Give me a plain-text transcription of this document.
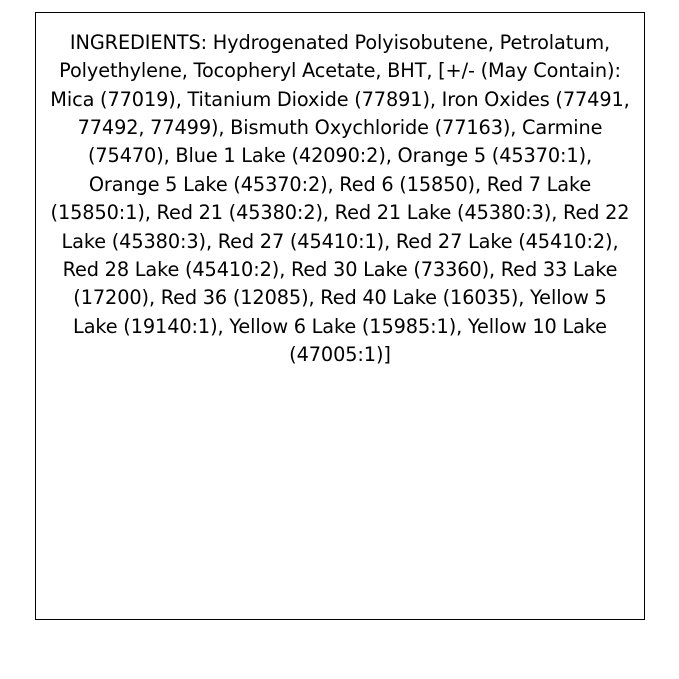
INGREDIENTS: Hydrogenated Polyisobutene, Petrolatum, Polyethylene, Tocopheryl Acetate, BHT, [+/- (May Contain): Mica (77019), Titanium Dioxide (77891), Iron Oxides (77491, 77492, 77499), Bismuth Oxychloride (77163), Carmine (75470), Blue 1 Lake (42090:2), Orange 5 (45370:1), Orange 5 Lake (45370:2), Red 6 (15850), Red 7 Lake (15850:1), Red 21 (45380:2), Red 21 Lake (45380:3), Red 22 Lake (45380:3), Red 27 (45410:1), Red 27 Lake (45410:2), Red 28 Lake (45410:2), Red 30 Lake (73360), Red 33 Lake (17200), Red 36 (12085), Red 40 Lake (16035), Yellow 5 Lake (19140:1), Yellow 6 Lake (15985:1), Yellow 10 Lake (47005:1)]
